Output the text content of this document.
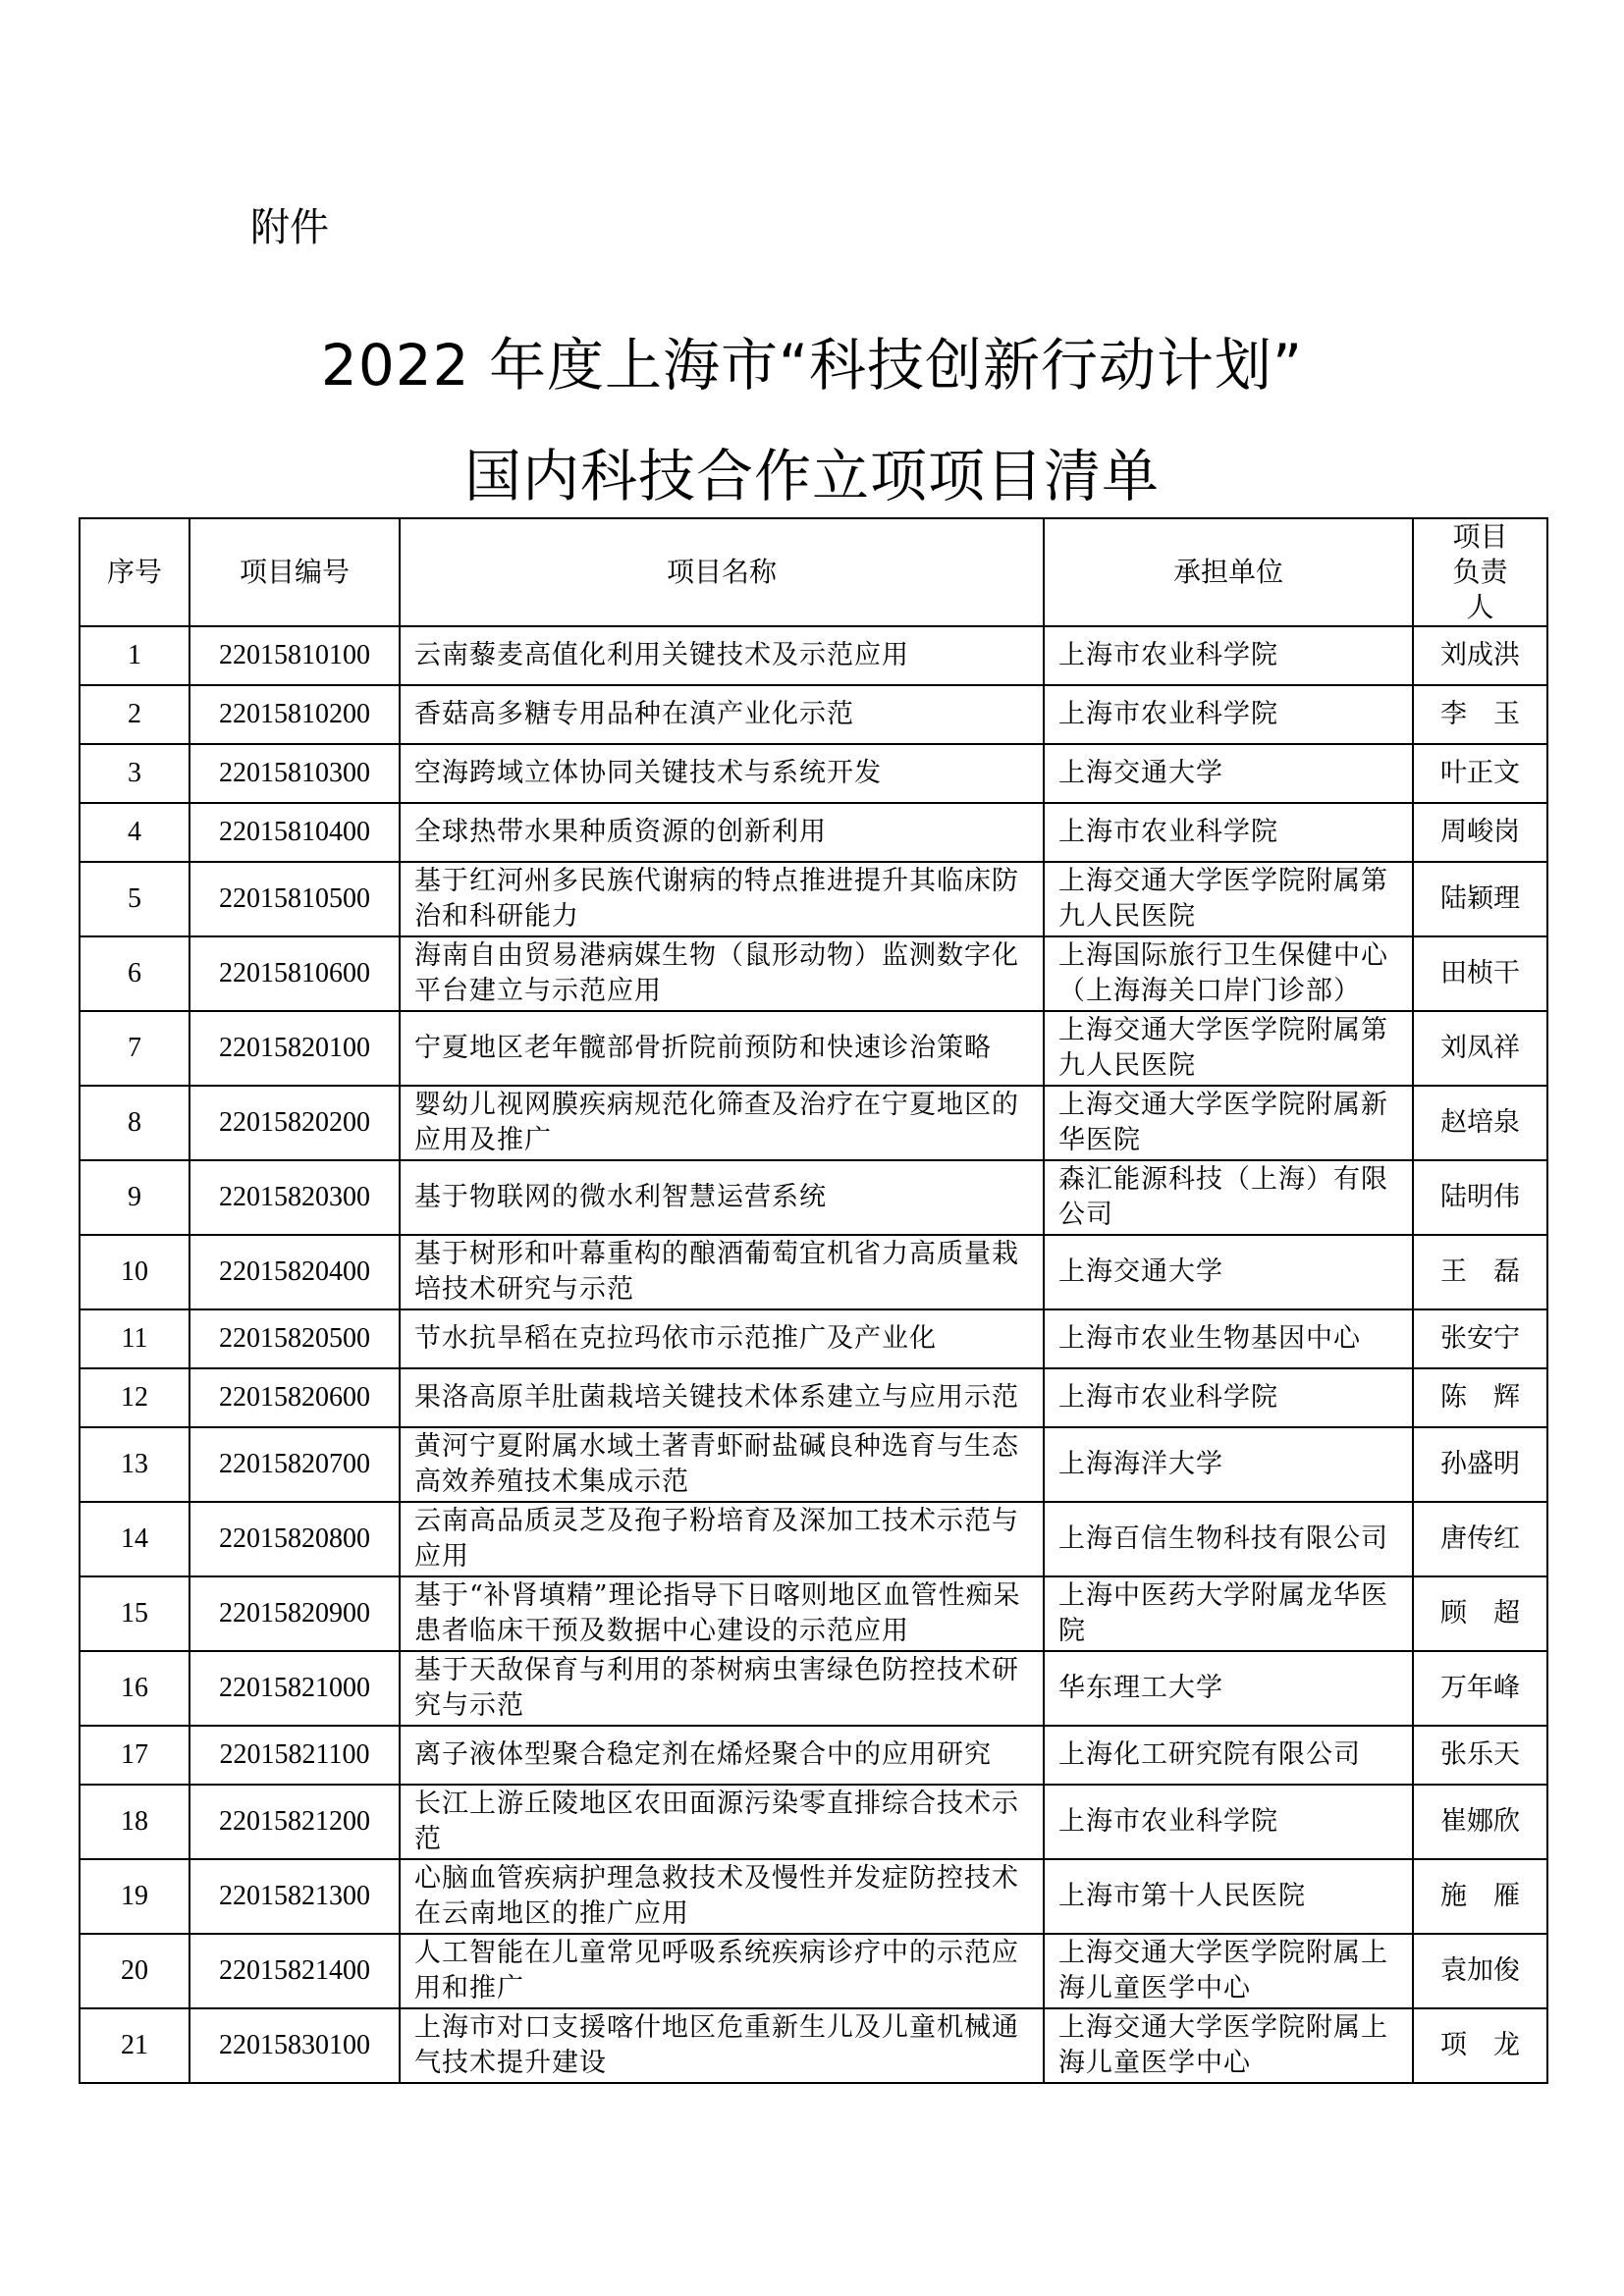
附件
2022 年度上海市“科技创新行动计划”
国内科技合作立项项目清单
序号	项目编号	项目名称	承担单位	项目负责人
1	22015810100	云南藜麦高值化利用关键技术及示范应用	上海市农业科学院	刘成洪
2	22015810200	香菇高多糖专用品种在滇产业化示范	上海市农业科学院	李　玉
3	22015810300	空海跨域立体协同关键技术与系统开发	上海交通大学	叶正文
4	22015810400	全球热带水果种质资源的创新利用	上海市农业科学院	周峻岗
5	22015810500	基于红河州多民族代谢病的特点推进提升其临床防治和科研能力	上海交通大学医学院附属第九人民医院	陆颖理
6	22015810600	海南自由贸易港病媒生物（鼠形动物）监测数字化平台建立与示范应用	上海国际旅行卫生保健中心（上海海关口岸门诊部）	田桢干
7	22015820100	宁夏地区老年髋部骨折院前预防和快速诊治策略	上海交通大学医学院附属第九人民医院	刘凤祥
8	22015820200	婴幼儿视网膜疾病规范化筛查及治疗在宁夏地区的应用及推广	上海交通大学医学院附属新华医院	赵培泉
9	22015820300	基于物联网的微水利智慧运营系统	森汇能源科技（上海）有限公司	陆明伟
10	22015820400	基于树形和叶幕重构的酿酒葡萄宜机省力高质量栽培技术研究与示范	上海交通大学	王　磊
11	22015820500	节水抗旱稻在克拉玛依市示范推广及产业化	上海市农业生物基因中心	张安宁
12	22015820600	果洛高原羊肚菌栽培关键技术体系建立与应用示范	上海市农业科学院	陈　辉
13	22015820700	黄河宁夏附属水域土著青虾耐盐碱良种选育与生态高效养殖技术集成示范	上海海洋大学	孙盛明
14	22015820800	云南高品质灵芝及孢子粉培育及深加工技术示范与应用	上海百信生物科技有限公司	唐传红
15	22015820900	基于“补肾填精”理论指导下日喀则地区血管性痴呆患者临床干预及数据中心建设的示范应用	上海中医药大学附属龙华医院	顾　超
16	22015821000	基于天敌保育与利用的茶树病虫害绿色防控技术研究与示范	华东理工大学	万年峰
17	22015821100	离子液体型聚合稳定剂在烯烃聚合中的应用研究	上海化工研究院有限公司	张乐天
18	22015821200	长江上游丘陵地区农田面源污染零直排综合技术示范	上海市农业科学院	崔娜欣
19	22015821300	心脑血管疾病护理急救技术及慢性并发症防控技术在云南地区的推广应用	上海市第十人民医院	施　雁
20	22015821400	人工智能在儿童常见呼吸系统疾病诊疗中的示范应用和推广	上海交通大学医学院附属上海儿童医学中心	袁加俊
21	22015830100	上海市对口支援喀什地区危重新生儿及儿童机械通气技术提升建设	上海交通大学医学院附属上海儿童医学中心	项　龙
